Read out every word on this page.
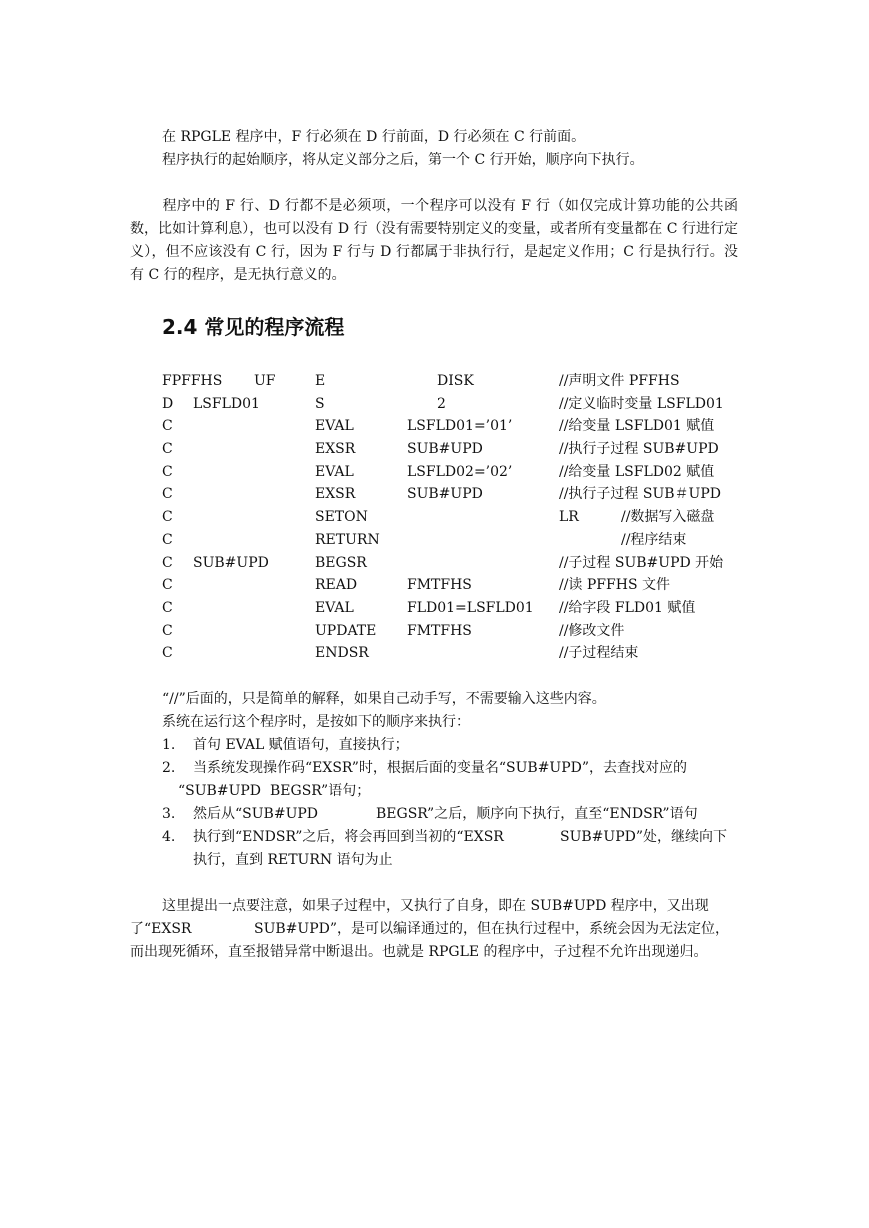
在 RPGLE 程序中，F 行必须在 D 行前面，D 行必须在 C 行前面。
程序执行的起始顺序，将从定义部分之后，第一个 C 行开始，顺序向下执行。
程序中的 F 行、D 行都不是必须项，一个程序可以没有 F 行（如仅完成计算功能的公共函数，比如计算利息），也可以没有 D 行（没有需要特别定义的变量，或者所有变量都在 C 行进行定义），但不应该没有 C 行，因为 F 行与 D 行都属于非执行行，是起定义作用；C 行是执行行。没有 C 行的程序，是无执行意义的。
2.4 常见的程序流程
FPFFHS UF	E	DISK	//声明文件 PFFHS
D LSFLD01	S	2	//定义临时变量 LSFLD01
C	EVAL	LSFLD01=’01’	//给变量 LSFLD01 赋值
C	EXSR	SUB#UPD	//执行子过程 SUB#UPD
C	EVAL	LSFLD02=’02’	//给变量 LSFLD02 赋值
C	EXSR	SUB#UPD	//执行子过程 SUB＃UPD
C	SETON	LR	//数据写入磁盘
C	RETURN	//程序结束
C SUB#UPD	BEGSR	//子过程 SUB#UPD 开始
C	READ	FMTFHS	//读 PFFHS 文件
C	EVAL	FLD01=LSFLD01 //给字段 FLD01 赋值
C	UPDATE FMTFHS	//修改文件
C	ENDSR	//子过程结束
“//”后面的，只是简单的解释，如果自己动手写，不需要输入这些内容。
系统在运行这个程序时，是按如下的顺序来执行：
1. 首句 EVAL 赋值语句，直接执行；
2. 当系统发现操作码“EXSR”时，根据后面的变量名“SUB#UPD”，去查找对应的
“SUB#UPD BEGSR”语句；
3. 然后从“SUB#UPD	BEGSR”之后，顺序向下执行，直至“ENDSR”语句
4. 执行到“ENDSR”之后，将会再回到当初的“EXSR	SUB#UPD”处，继续向下
执行，直到 RETURN 语句为止
这里提出一点要注意，如果子过程中，又执行了自身，即在 SUB#UPD 程序中，又出现
了“EXSR	SUB#UPD”，是可以编译通过的，但在执行过程中，系统会因为无法定位，
而出现死循环，直至报错异常中断退出。也就是 RPGLE 的程序中，子过程不允许出现递归。
